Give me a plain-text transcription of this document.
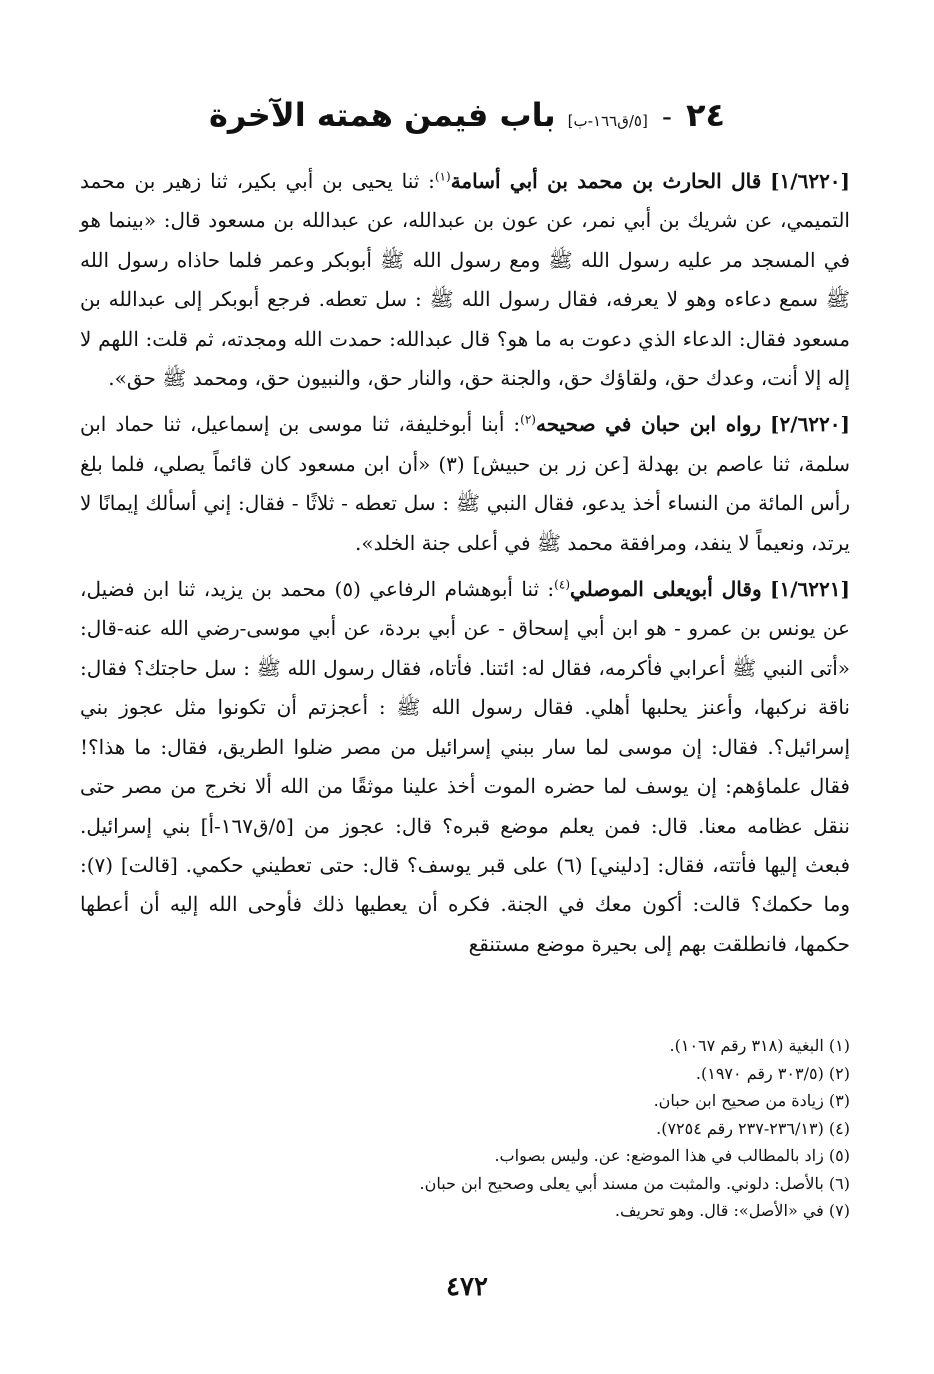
٢٤-[٥/ق١٦٦-ب]باب فيمن همته الآخرة

[١/٦٢٢٠] قال الحارث بن محمد بن أبي أسامة$^{(١)}$: ثنا يحيى بن أبي بكير، ثنا زهير بن محمد التميمي، عن شريك بن أبي نمر، عن عون بن عبدالله، عن عبدالله بن مسعود قال: «بينما هو في المسجد مر عليه رسول الله ﷺ ومع رسول الله ﷺ أبوبكر وعمر فلما حاذاه رسول الله ﷺ سمع دعاءه وهو لا يعرفه، فقال رسول الله ﷺ : سل تعطه. فرجع أبوبكر إلى عبدالله بن مسعود فقال: الدعاء الذي دعوت به ما هو؟ قال عبدالله: حمدت الله ومجدته، ثم قلت: اللهم لا إله إلا أنت، وعدك حق، ولقاؤك حق، والجنة حق، والنار حق، والنبيون حق، ومحمد ﷺ حق».

[٢/٦٢٢٠] رواه ابن حبان في صحيحه$^{(٢)}$: أبنا أبوخليفة، ثنا موسى بن إسماعيل، ثنا حماد ابن سلمة، ثنا عاصم بن بهدلة [عن زر بن حبيش] (٣) «أن ابن مسعود كان قائماً يصلي، فلما بلغ رأس المائة من النساء أخذ يدعو، فقال النبي ﷺ : سل تعطه - ثلاثًا - فقال: إني أسألك إيمانًا لا يرتد، ونعيماً لا ينفد، ومرافقة محمد ﷺ في أعلى جنة الخلد».

[١/٦٢٢١] وقال أبويعلى الموصلي$^{(٤)}$: ثنا أبوهشام الرفاعي (٥) محمد بن يزيد، ثنا ابن فضيل، عن يونس بن عمرو - هو ابن أبي إسحاق - عن أبي بردة، عن أبي موسى-رضي الله عنه-قال: «أتى النبي ﷺ أعرابي فأكرمه، فقال له: ائتنا. فأتاه، فقال رسول الله ﷺ : سل حاجتك؟ فقال: ناقة نركبها، وأعنز يحلبها أهلي. فقال رسول الله ﷺ : أعجزتم أن تكونوا مثل عجوز بني إسرائيل؟. فقال: إن موسى لما سار ببني إسرائيل من مصر ضلوا الطريق، فقال: ما هذا؟! فقال علماؤهم: إن يوسف لما حضره الموت أخذ علينا موثقًا من الله ألا نخرج من مصر حتى ننقل عظامه معنا. قال: فمن يعلم موضع قبره؟ قال: عجوز من [٥/ق١٦٧-أ] بني إسرائيل. فبعث إليها فأتته، فقال: [دليني] (٦) على قبر يوسف؟ قال: حتى تعطيني حكمي. [قالت] (٧): وما حكمك؟ قالت: أكون معك في الجنة. فكره أن يعطيها ذلك فأوحى الله إليه أن أعطها حكمها، فانطلقت بهم إلى بحيرة موضع مستنقع

(١) البغية (٣١٨ رقم ١٠٦٧).
(٢) (٣٠٣/٥ رقم ١٩٧٠).
(٣) زيادة من صحيح ابن حبان.
(٤) (٢٣٦/١٣-٢٣٧ رقم ٧٢٥٤).
(٥) زاد بالمطالب في هذا الموضع: عن. وليس بصواب.
(٦) بالأصل: دلوني. والمثبت من مسند أبي يعلى وصحيح ابن حبان.
(٧) في «الأصل»: قال. وهو تحريف.
٤٧٢
